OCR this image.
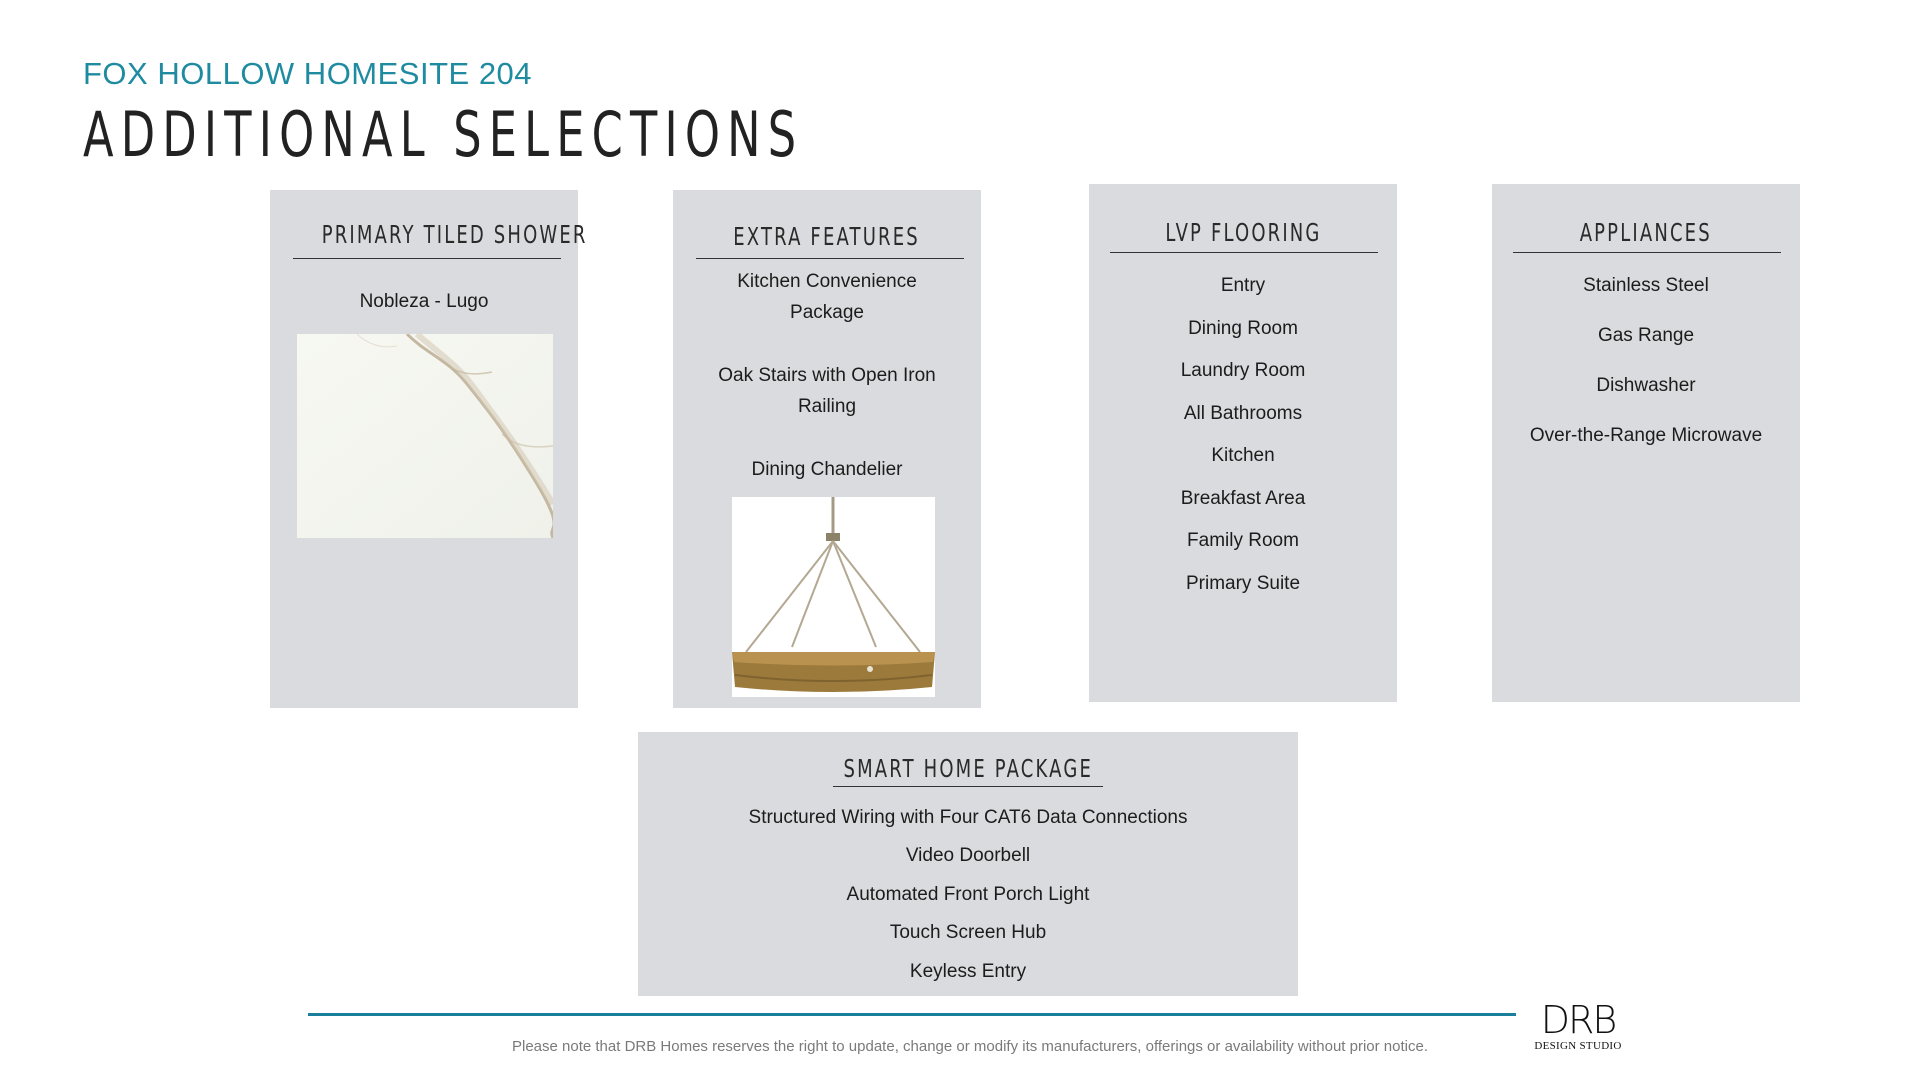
FOX HOLLOW HOMESITE 204
ADDITIONAL SELECTIONS
PRIMARY TILED SHOWER
Nobleza - Lugo
EXTRA FEATURES
Kitchen Convenience
Package
Oak Stairs with Open Iron
Railing
Dining Chandelier
LVP FLOORING
Entry
Dining Room
Laundry Room
All Bathrooms
Kitchen
Breakfast Area
Family Room
Primary Suite
APPLIANCES
Stainless Steel
Gas Range
Dishwasher
Over-the-Range Microwave
SMART HOME PACKAGE
Structured Wiring with Four CAT6 Data Connections
Video Doorbell
Automated Front Porch Light
Touch Screen Hub
Keyless Entry
Please note that DRB Homes reserves the right to update, change or modify its manufacturers, offerings or availability without prior notice.
DRB
DESIGN STUDIO
